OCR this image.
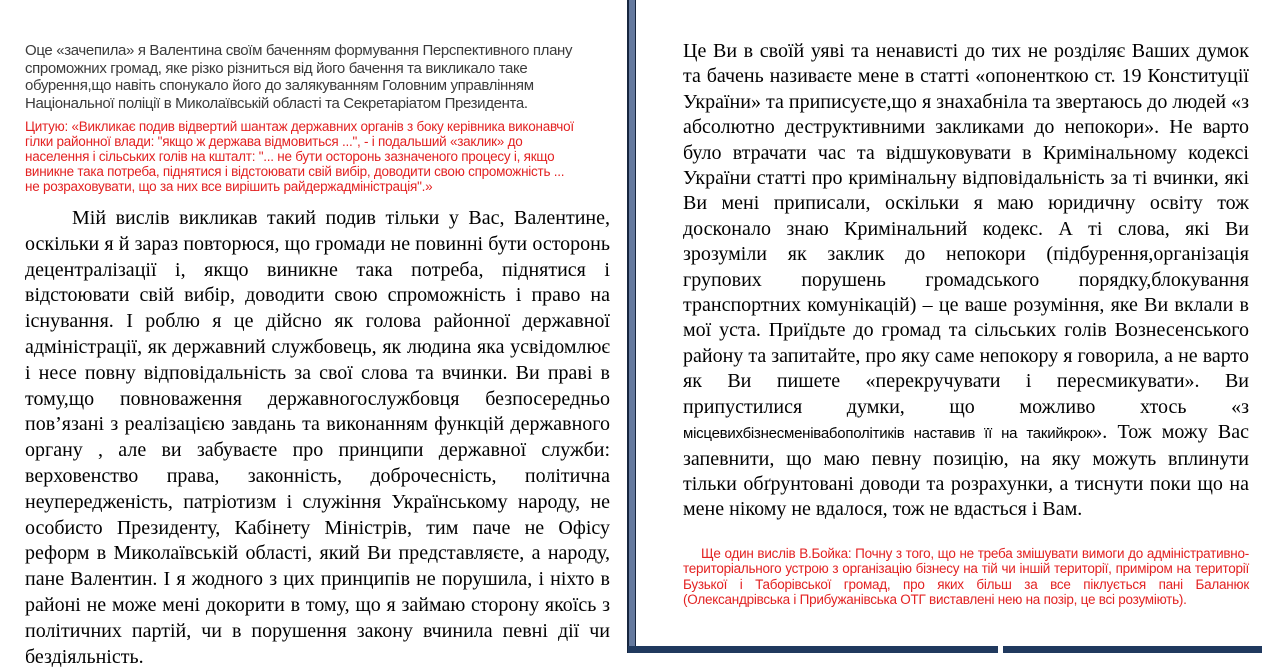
Оце «зачепила» я Валентина своїм баченням формування Перспективного плану спроможних громад, яке різко різниться від його бачення та викликало таке обурення,що навіть спонукало його до залякуванням Головним управлінням Національної поліції в Миколаївській області та Секретаріатом Президента.

Цитую: «Викликає подив відвертий шантаж державних органів з боку керівника виконавчої гілки районної влади: "якщо ж держава відмовиться ...", - і подальший «заклик» до населення і сільських голів на кшталт: "... не бути осторонь зазначеного процесу і, якщо виникне така потреба, піднятися і відстоювати свій вибір, доводити свою спроможність ... не розраховувати, що за них все вирішить райдержадміністрація".»

Мій вислів викликав такий подив тільки у Вас, Валентине, оскільки я й зараз повторюся, що громади не повинні бути осторонь децентралізації і, якщо виникне така потреба, піднятися і відстоювати свій вибір, доводити свою спроможність і право на існування. І роблю я це дійсно як голова районної державної адміністрації, як державний службовець, як людина яка усвідомлює і несе повну відповідальність за свої слова та вчинки. Ви праві в тому,що повноваження державногослужбовця безпосередньо пов’язані з реалізацією завдань та виконанням функцій державного органу , але ви забуваєте про принципи державної служби: верховенство права, законність, доброчесність, політична неупередженість, патріотизм і служіння Українському народу, не особисто Президенту, Кабінету Міністрів, тим паче не Офісу реформ в Миколаївській області, який Ви представляєте, а народу, пане Валентин. І я жодного з цих принципів не порушила, і ніхто в районі не може мені докорити в тому, що я займаю сторону якоїсь з політичних партій, чи в порушення закону вчинила певні дії чи бездіяльність.

Це Ви в своїй уяві та ненависті до тих не розділяє Ваших думок та бачень називаєте мене в статті «опоненткою ст. 19 Конституції України» та приписуєте,що я знахабніла та звертаюсь до людей «з абсолютно деструктивними закликами до непокори». Не варто було втрачати час та відшуковувати в Кримінальному кодексі України статті про кримінальну відповідальність за ті вчинки, які Ви мені приписали, оскільки я маю юридичну освіту тож досконало знаю Кримінальний кодекс. А ті слова, які Ви зрозуміли як заклик до непокори (підбурення,організація групових порушень громадського порядку,блокування транспортних комунікацій) – це ваше розуміння, яке Ви вклали в мої уста. Приїдьте до громад та сільських голів Вознесенського району та запитайте, про яку саме непокору я говорила, а не варто як Ви пишете «перекручувати і пересмикувати». Ви припустилися думки, що можливо хтось «з місцевихбізнесменівабополітиків наставив її на такийкрок». Тож можу Вас запевнити, що маю певну позицію, на яку можуть вплинути тільки обґрунтовані доводи та розрахунки, а тиснути поки що на мене нікому не вдалося, тож не вдасться і Вам.

Ще один вислів В.Бойка: Почну з того, що не треба змішувати вимоги до адміністративно-територіального устрою з організацію бізнесу на тій чи іншій території, приміром на території Бузької і Таборівської громад, про яких більш за все піклується пані Баланюк (Олександрівська і Прибужанівська ОТГ виставлені нею на позір, це всі розуміють).
